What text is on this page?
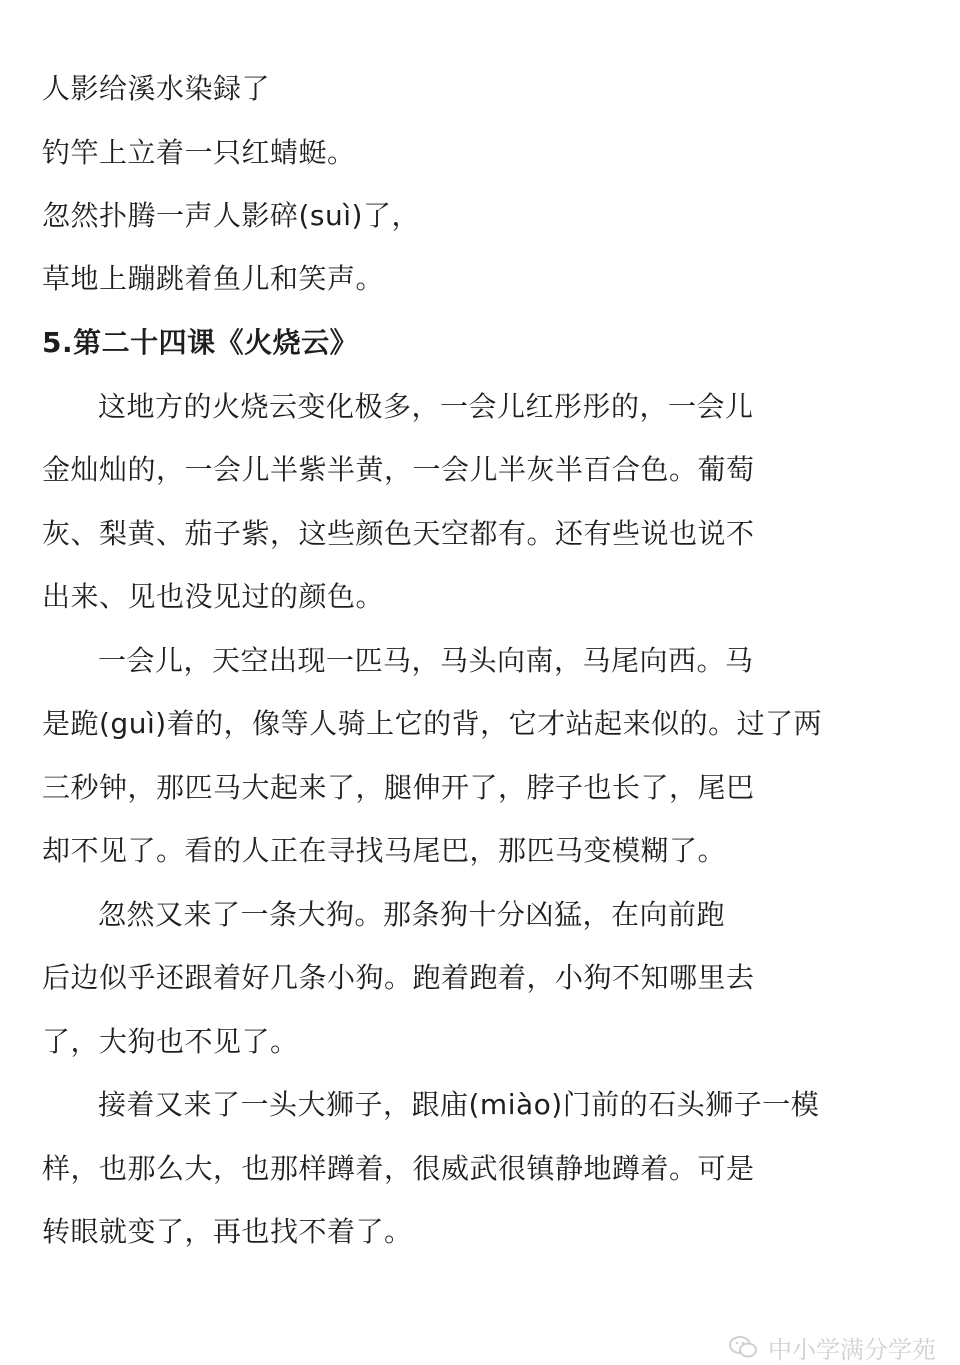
人影给溪水染録了
钓竿上立着一只红蜻蜓。
忽然扑腾一声人影碎(suì)了，
草地上蹦跳着鱼儿和笑声。
5.第二十四课《火烧云》
这地方的火烧云变化极多，一会儿红彤彤的，一会儿
金灿灿的，一会儿半紫半黄，一会儿半灰半百合色。葡萄
灰、梨黄、茄子紫，这些颜色天空都有。还有些说也说不
出来、见也没见过的颜色。
一会儿，天空出现一匹马，马头向南，马尾向西。马
是跪(guì)着的，像等人骑上它的背，它才站起来似的。过了两
三秒钟，那匹马大起来了，腿伸开了，脖子也长了，尾巴
却不见了。看的人正在寻找马尾巴，那匹马变模糊了。
忽然又来了一条大狗。那条狗十分凶猛，在向前跑
后边似乎还跟着好几条小狗。跑着跑着，小狗不知哪里去
了，大狗也不见了。
接着又来了一头大狮子，跟庙(miào)门前的石头狮子一模
样，也那么大，也那样蹲着，很威武很镇静地蹲着。可是
转眼就变了，再也找不着了。
中小学满分学苑
